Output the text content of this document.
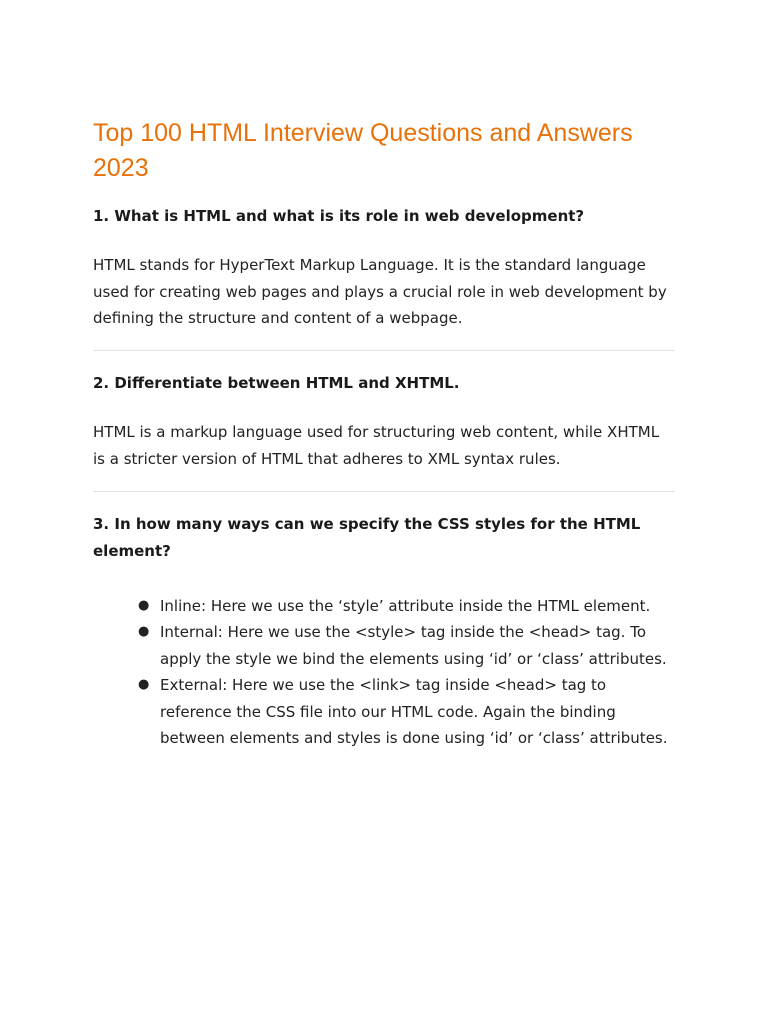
Top 100 HTML Interview Questions and Answers 2023

1. What is HTML and what is its role in web development?

HTML stands for HyperText Markup Language. It is the standard language used for creating web pages and plays a crucial role in web development by defining the structure and content of a webpage.

2. Differentiate between HTML and XHTML.

HTML is a markup language used for structuring web content, while XHTML is a stricter version of HTML that adheres to XML syntax rules.

3. In how many ways can we specify the CSS styles for the HTML element?

● Inline: Here we use the ‘style’ attribute inside the HTML element.
● Internal: Here we use the <style> tag inside the <head> tag. To apply the style we bind the elements using ‘id’ or ‘class’ attributes.
● External: Here we use the <link> tag inside <head> tag to reference the CSS file into our HTML code. Again the binding between elements and styles is done using ‘id’ or ‘class’ attributes.
